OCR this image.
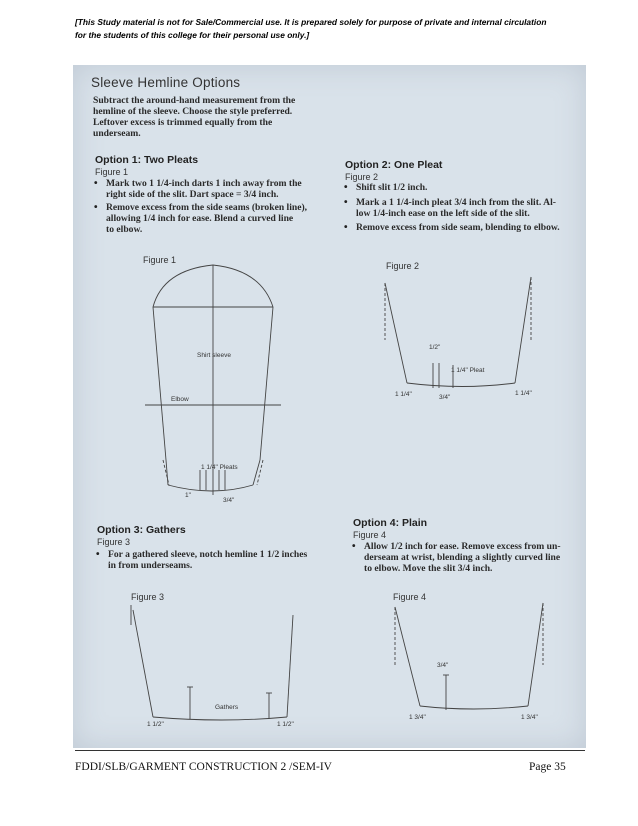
[This Study material is not for Sale/Commercial use. It is prepared solely for purpose of private and internal circulation
for the students of this college for their personal use only.]
Sleeve Hemline Options
Subtract the around-hand measurement from the
hemline of the sleeve. Choose the style preferred.
Leftover excess is trimmed equally from the
underseam.
Option 1: Two Pleats
Figure 1
• Mark two 1 1/4-inch darts 1 inch away from the
right side of the slit. Dart space = 3/4 inch.
• Remove excess from the side seams (broken line),
allowing 1/4 inch for ease. Blend a curved line
to elbow.
Option 2: One Pleat
Figure 2
• Shift slit 1/2 inch.
• Mark a 1 1/4-inch pleat 3/4 inch from the slit. Al-
low 1/4-inch ease on the left side of the slit.
• Remove excess from side seam, blending to elbow.
Figure 1
Shirt sleeve
Elbow
1 1/4" Pleats
1"
3/4"
Figure 2
1/2"
1 1/4" Pleat
1 1/4"	3/4"
1 1/4"
Option 3: Gathers
Figure 3
• For a gathered sleeve, notch hemline 1 1/2 inches
in from underseams.
Option 4: Plain
Figure 4
• Allow 1/2 inch for ease. Remove excess from un-
derseam at wrist, blending a slightly curved line
to elbow. Move the slit 3/4 inch.
Figure 3
1 1/2"
Gathers
1 1/2"
Figure 4
3/4"
1 3/4"	1 3/4"
FDDI/SLB/GARMENT CONSTRUCTION 2 /SEM-IV	Page 35
